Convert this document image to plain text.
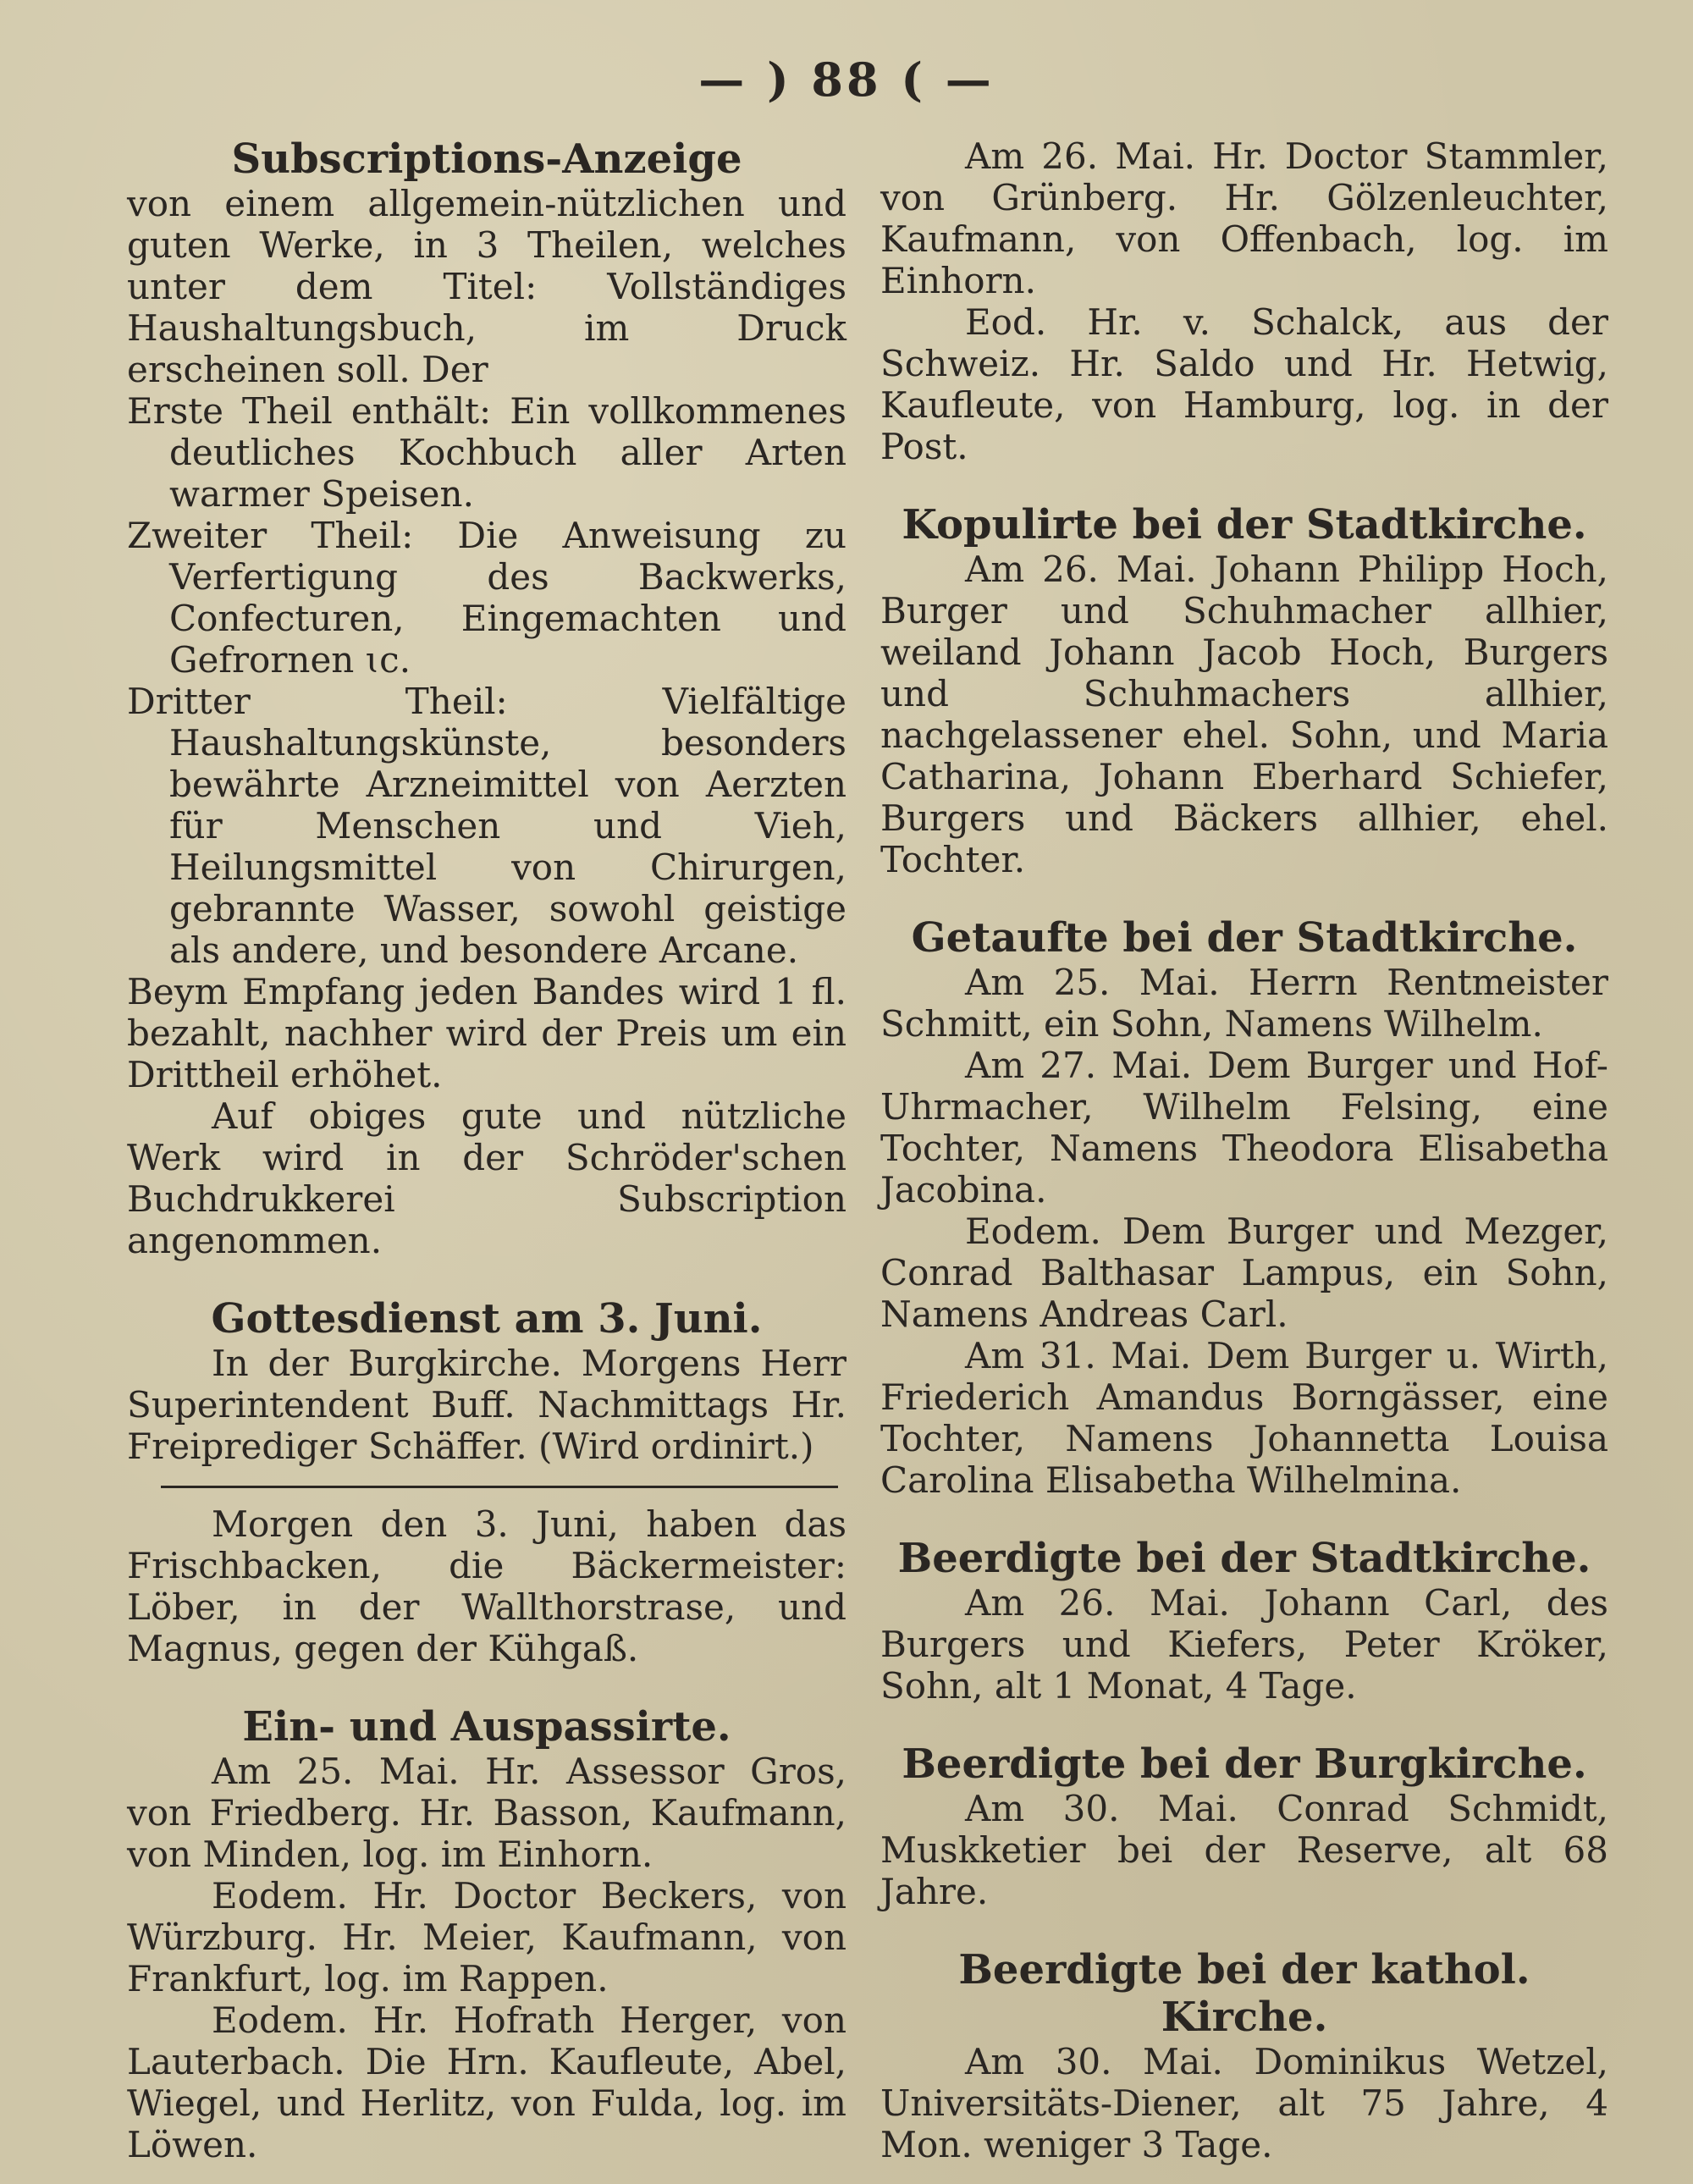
— ) 88 ( —
Subscriptions-Anzeige

von einem allgemein-nützlichen und guten Werke, in 3 Theilen, welches unter dem Titel: Vollständiges Haushaltungsbuch, im Druck erscheinen soll. Der

Erste Theil enthält: Ein vollkommenes deutliches Kochbuch aller Arten warmer Speisen.

Zweiter Theil: Die Anweisung zu Verfertigung des Backwerks, Confecturen, Eingemachten und Gefrornen ɩc.

Dritter Theil: Vielfältige Haushaltungskünste, besonders bewährte Arzneimittel von Aerzten für Menschen und Vieh, Heilungsmittel von Chirurgen, gebrannte Wasser, sowohl geistige als andere, und besondere Arcane.

Beym Empfang jeden Bandes wird 1 fl. bezahlt, nachher wird der Preis um ein Drittheil erhöhet.

Auf obiges gute und nützliche Werk wird in der Schröder'schen Buchdrukkerei Subscription angenommen.

Gottesdienst am 3. Juni.

In der Burgkirche. Morgens Herr Superintendent Buff. Nachmittags Hr. Freiprediger Schäffer. (Wird ordinirt.)

Morgen den 3. Juni, haben das Frischbacken, die Bäckermeister: Löber, in der Wallthorstrase, und Magnus, gegen der Kühgaß.

Ein- und Auspassirte.

Am 25. Mai. Hr. Assessor Gros, von Friedberg. Hr. Basson, Kaufmann, von Minden, log. im Einhorn.

Eodem. Hr. Doctor Beckers, von Würzburg. Hr. Meier, Kaufmann, von Frankfurt, log. im Rappen.

Eodem. Hr. Hofrath Herger, von Lauterbach. Die Hrn. Kaufleute, Abel, Wiegel, und Herlitz, von Fulda, log. im Löwen.

Am 26. Mai. Hr. Doctor Stammler, von Grünberg. Hr. Gölzenleuchter, Kaufmann, von Offenbach, log. im Einhorn.

Eod. Hr. v. Schalck, aus der Schweiz. Hr. Saldo und Hr. Hetwig, Kaufleute, von Hamburg, log. in der Post.

Kopulirte bei der Stadtkirche.

Am 26. Mai. Johann Philipp Hoch, Burger und Schuhmacher allhier, weiland Johann Jacob Hoch, Burgers und Schuhmachers allhier, nachgelassener ehel. Sohn, und Maria Catharina, Johann Eberhard Schiefer, Burgers und Bäckers allhier, ehel. Tochter.

Getaufte bei der Stadtkirche.

Am 25. Mai. Herrn Rentmeister Schmitt, ein Sohn, Namens Wilhelm.

Am 27. Mai. Dem Burger und Hof-Uhrmacher, Wilhelm Felsing, eine Tochter, Namens Theodora Elisabetha Jacobina.

Eodem. Dem Burger und Mezger, Conrad Balthasar Lampus, ein Sohn, Namens Andreas Carl.

Am 31. Mai. Dem Burger u. Wirth, Friederich Amandus Borngässer, eine Tochter, Namens Johannetta Louisa Carolina Elisabetha Wilhelmina.

Beerdigte bei der Stadtkirche.

Am 26. Mai. Johann Carl, des Burgers und Kiefers, Peter Kröker, Sohn, alt 1 Monat, 4 Tage.

Beerdigte bei der Burgkirche.

Am 30. Mai. Conrad Schmidt, Muskketier bei der Reserve, alt 68 Jahre.

Beerdigte bei der kathol. Kirche.

Am 30. Mai. Dominikus Wetzel, Universitäts-Diener, alt 75 Jahre, 4 Mon. weniger 3 Tage.
